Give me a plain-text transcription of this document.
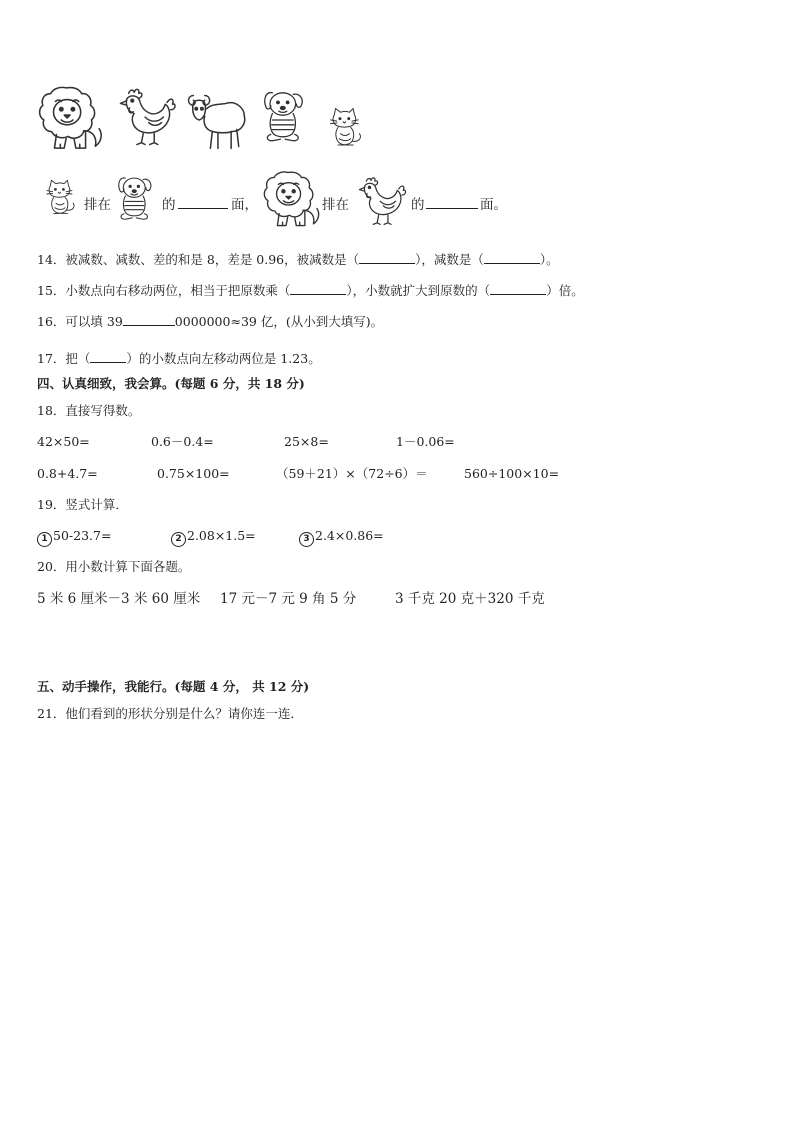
排在	的	面，	排在	的	面。
14．被减数、减数、差的和是 8，差是 0.96，被减数是（	），减数是（	）。
15．小数点向右移动两位，相当于把原数乘（	），小数就扩大到原数的（	）倍。
16．可以填 39	0000000≈39 亿，(从小到大填写)。
17．把（	）的小数点向左移动两位是 1.23。
四、认真细致，我会算。(每题 6 分，共 18 分)
18．直接写得数。
42×50=	0.6－0.4=	25×8=	1－0.06=
0.8+4.7=	0.75×100=	（59＋21）×（72÷6）＝	560÷100×10=
19．竖式计算．
1 50-23.7=	2 2.08×1.5=	3 2.4×0.86=
20．用小数计算下面各题。
5 米 6 厘米－3 米 60 厘米 17 元－7 元 9 角 5 分	3 千克 20 克＋320 千克
五、动手操作，我能行。(每题 4 分， 共 12 分)
21．他们看到的形状分别是什么？请你连一连．
